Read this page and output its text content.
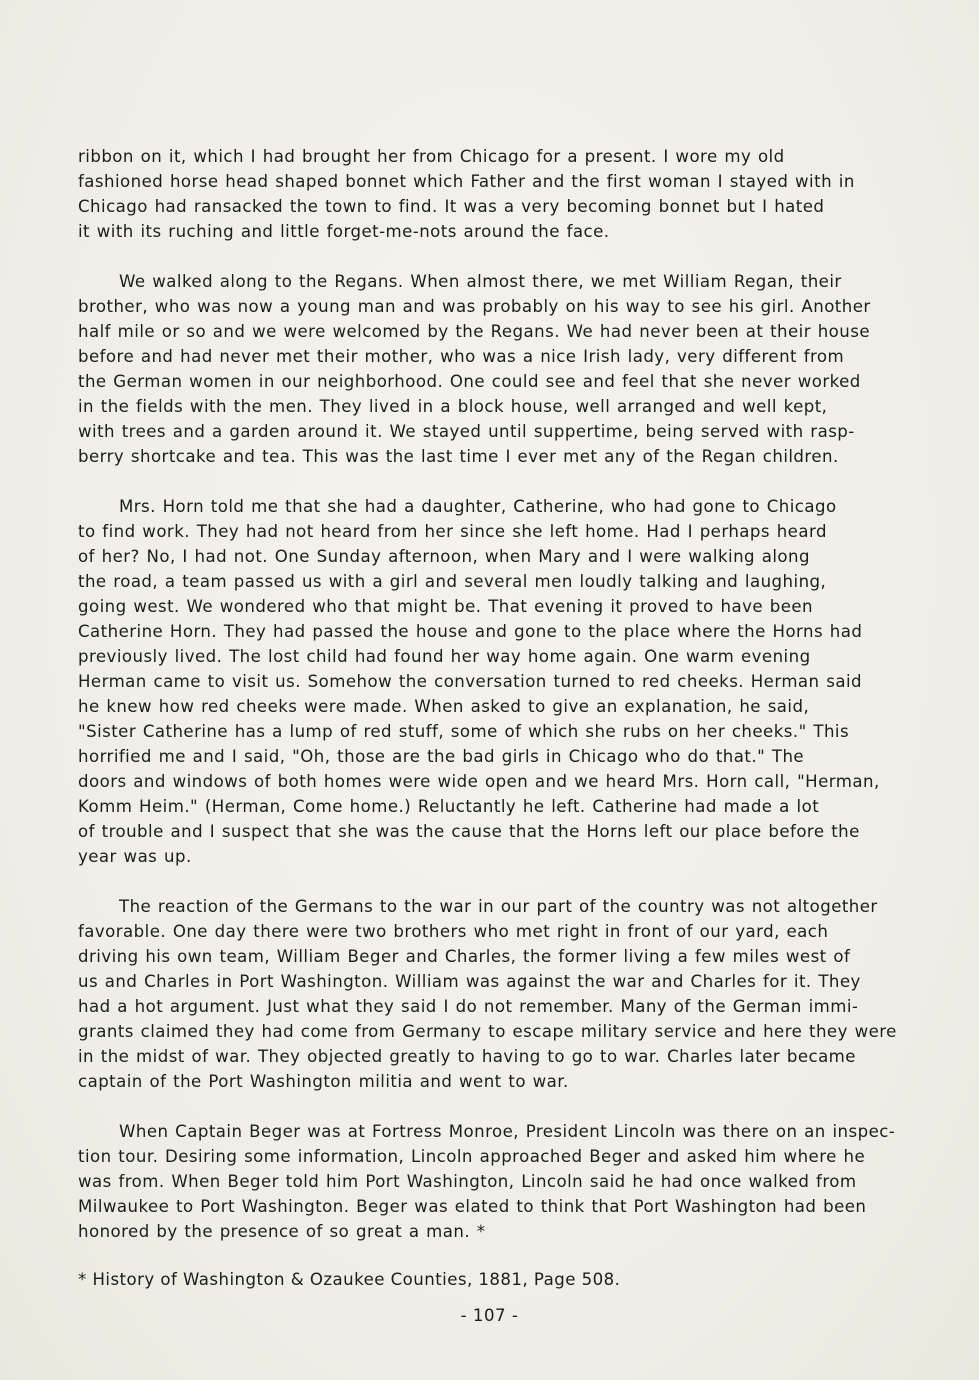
ribbon on it, which I had brought her from Chicago for a present. I wore my old
fashioned horse head shaped bonnet which Father and the first woman I stayed with in
Chicago had ransacked the town to find. It was a very becoming bonnet but I hated
it with its ruching and little forget-me-nots around the face.

We walked along to the Regans. When almost there, we met William Regan, their
brother, who was now a young man and was probably on his way to see his girl. Another
half mile or so and we were welcomed by the Regans. We had never been at their house
before and had never met their mother, who was a nice Irish lady, very different from
the German women in our neighborhood. One could see and feel that she never worked
in the fields with the men. They lived in a block house, well arranged and well kept,
with trees and a garden around it. We stayed until suppertime, being served with rasp-
berry shortcake and tea. This was the last time I ever met any of the Regan children.

Mrs. Horn told me that she had a daughter, Catherine, who had gone to Chicago
to find work. They had not heard from her since she left home. Had I perhaps heard
of her? No, I had not. One Sunday afternoon, when Mary and I were walking along
the road, a team passed us with a girl and several men loudly talking and laughing,
going west. We wondered who that might be. That evening it proved to have been
Catherine Horn. They had passed the house and gone to the place where the Horns had
previously lived. The lost child had found her way home again. One warm evening
Herman came to visit us. Somehow the conversation turned to red cheeks. Herman said
he knew how red cheeks were made. When asked to give an explanation, he said,
"Sister Catherine has a lump of red stuff, some of which she rubs on her cheeks." This
horrified me and I said, "Oh, those are the bad girls in Chicago who do that." The
doors and windows of both homes were wide open and we heard Mrs. Horn call, "Herman,
Komm Heim." (Herman, Come home.) Reluctantly he left. Catherine had made a lot
of trouble and I suspect that she was the cause that the Horns left our place before the
year was up.

The reaction of the Germans to the war in our part of the country was not altogether
favorable. One day there were two brothers who met right in front of our yard, each
driving his own team, William Beger and Charles, the former living a few miles west of
us and Charles in Port Washington. William was against the war and Charles for it. They
had a hot argument. Just what they said I do not remember. Many of the German immi-
grants claimed they had come from Germany to escape military service and here they were
in the midst of war. They objected greatly to having to go to war. Charles later became
captain of the Port Washington militia and went to war.

When Captain Beger was at Fortress Monroe, President Lincoln was there on an inspec-
tion tour. Desiring some information, Lincoln approached Beger and asked him where he
was from. When Beger told him Port Washington, Lincoln said he had once walked from
Milwaukee to Port Washington. Beger was elated to think that Port Washington had been
honored by the presence of so great a man. *

* History of Washington & Ozaukee Counties, 1881, Page 508.
- 107 -
